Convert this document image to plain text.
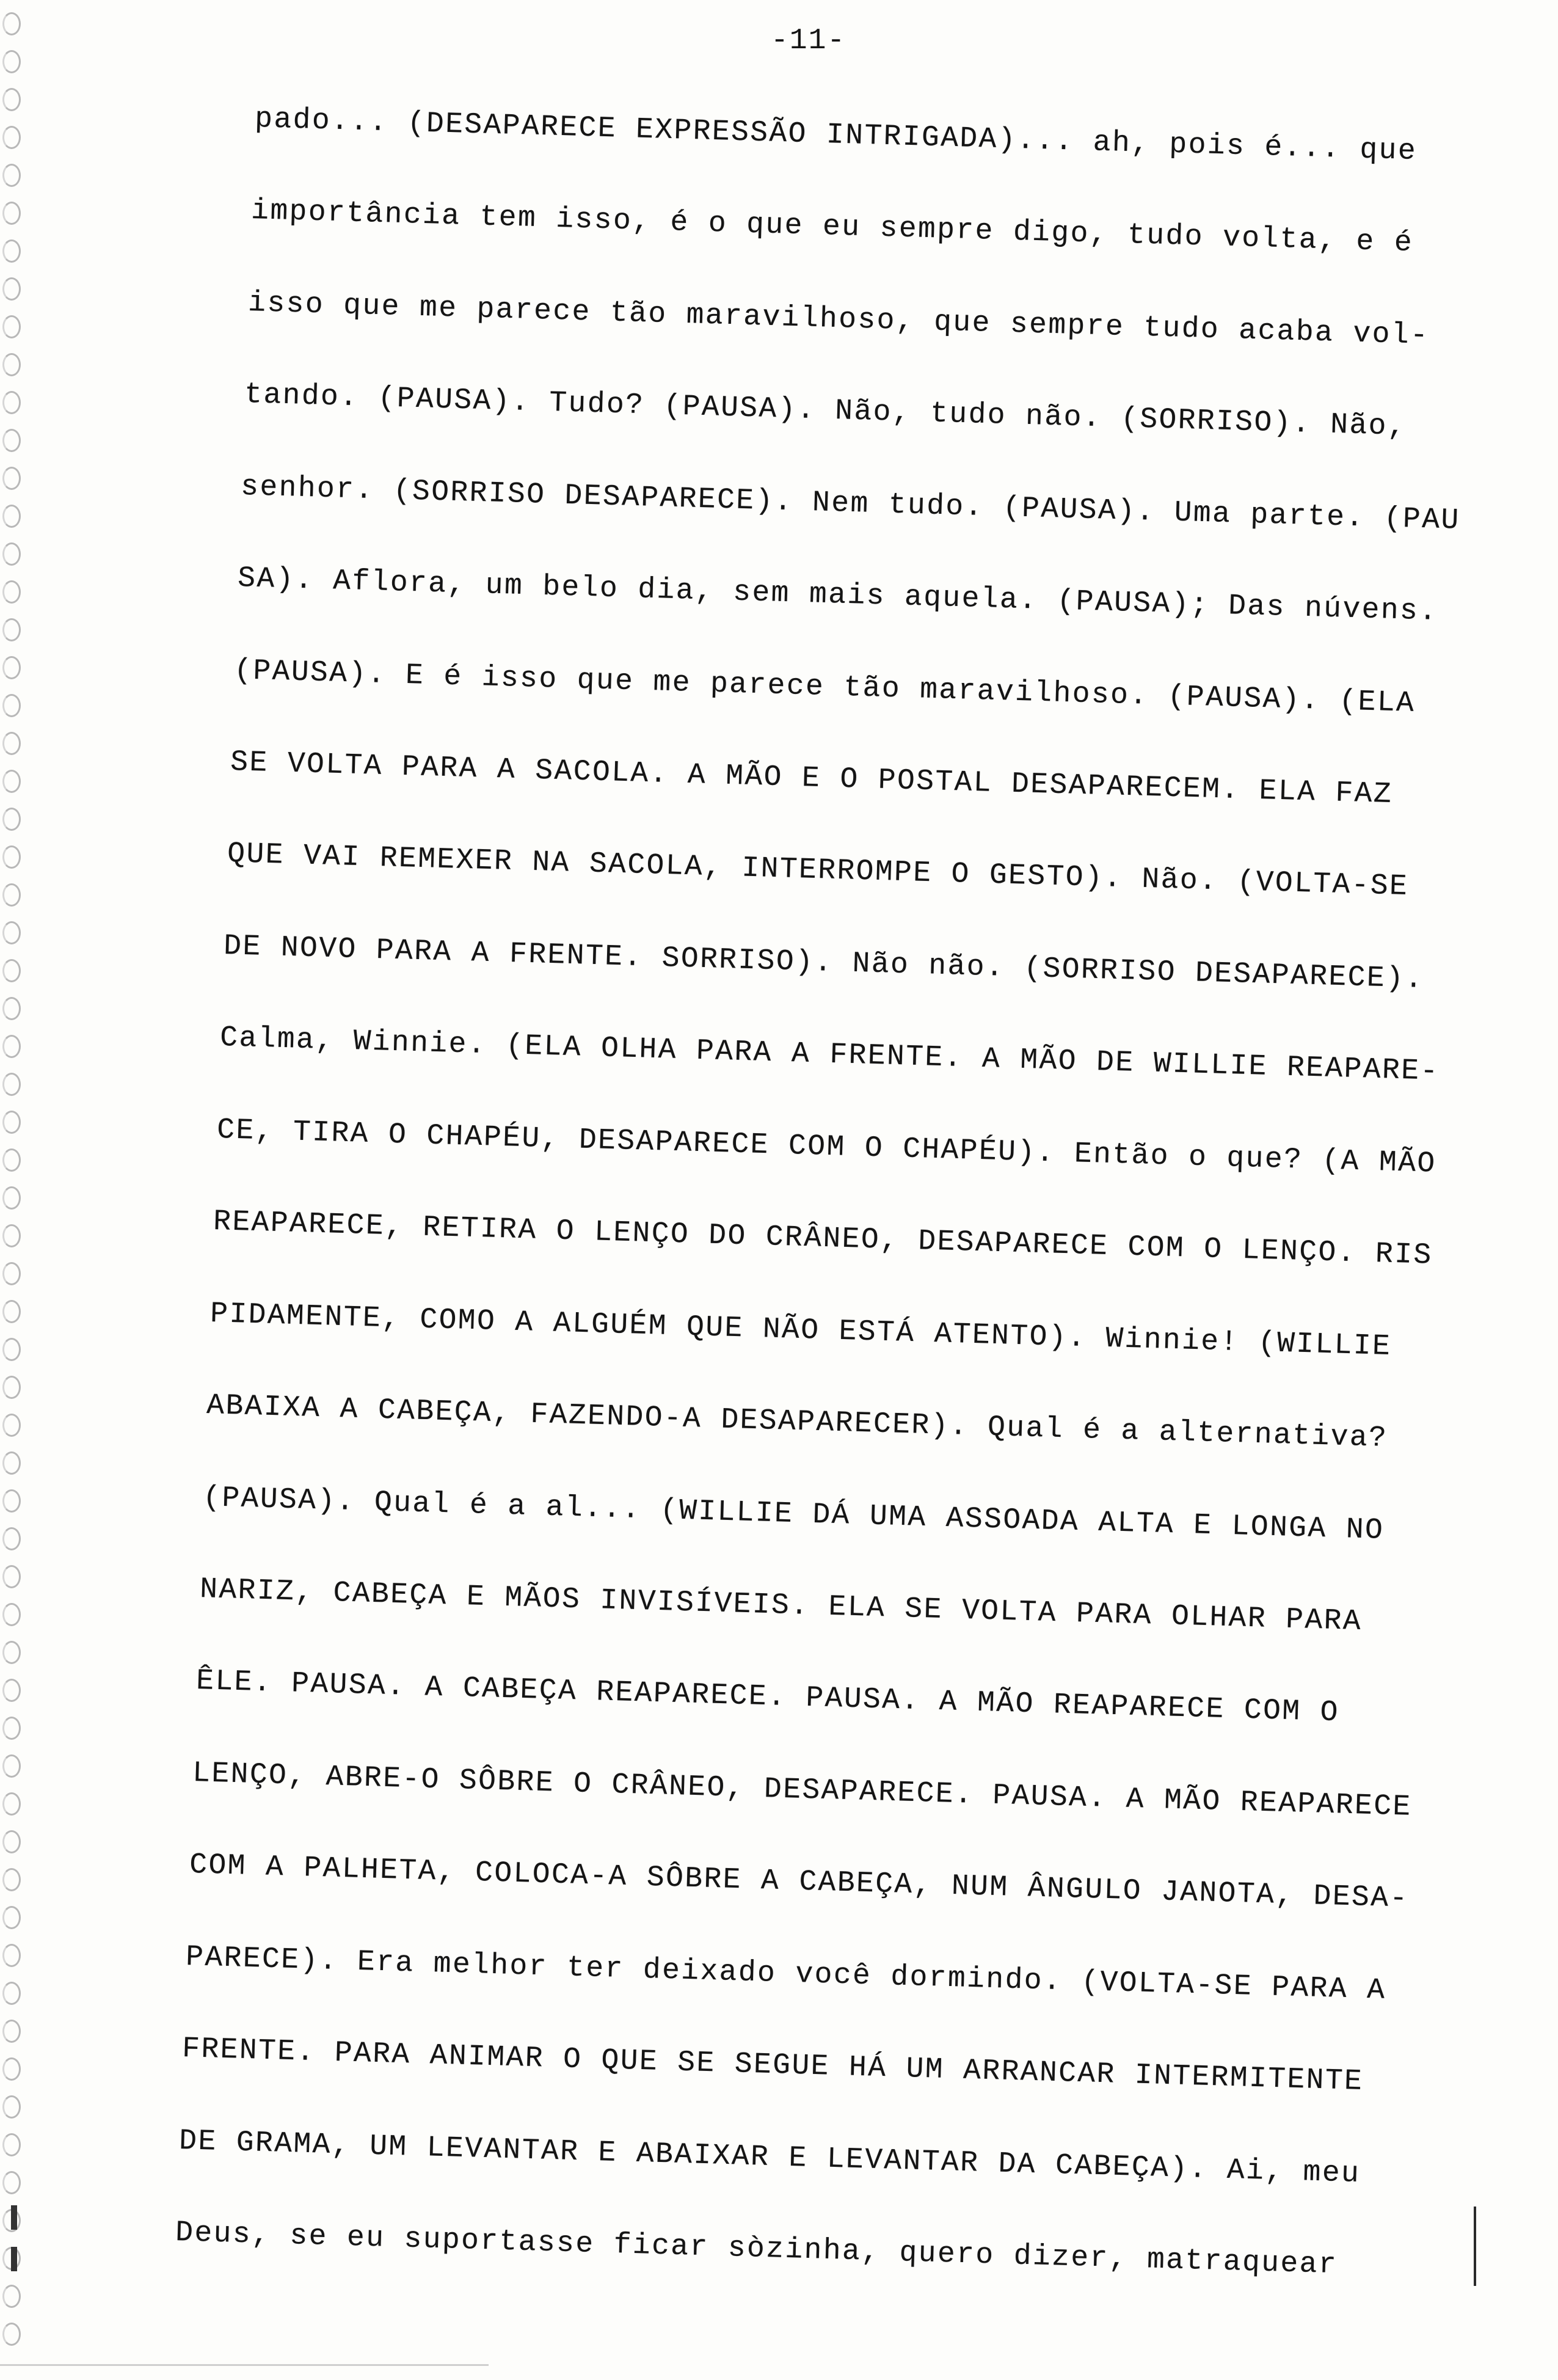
-11-
pado... (DESAPARECE EXPRESSÃO INTRIGADA)... ah, pois é... que
importância tem isso, é o que eu sempre digo, tudo volta, e é
isso que me parece tão maravilhoso, que sempre tudo acaba vol-
tando. (PAUSA). Tudo? (PAUSA). Não, tudo não. (SORRISO). Não,
senhor. (SORRISO DESAPARECE). Nem tudo. (PAUSA). Uma parte. (PAU
SA). Aflora, um belo dia, sem mais aquela. (PAUSA); Das núvens.
(PAUSA). E é isso que me parece tão maravilhoso. (PAUSA). (ELA
SE VOLTA PARA A SACOLA. A MÃO E O POSTAL DESAPARECEM. ELA FAZ
QUE VAI REMEXER NA SACOLA, INTERROMPE O GESTO). Não. (VOLTA-SE
DE NOVO PARA A FRENTE. SORRISO). Não não. (SORRISO DESAPARECE).
Calma, Winnie. (ELA OLHA PARA A FRENTE. A MÃO DE WILLIE REAPARE-
CE, TIRA O CHAPÉU, DESAPARECE COM O CHAPÉU). Então o que? (A MÃO
REAPARECE, RETIRA O LENÇO DO CRÂNEO, DESAPARECE COM O LENÇO. RIS
PIDAMENTE, COMO A ALGUÉM QUE NÃO ESTÁ ATENTO). Winnie! (WILLIE
ABAIXA A CABEÇA, FAZENDO-A DESAPARECER). Qual é a alternativa?
(PAUSA). Qual é a al... (WILLIE DÁ UMA ASSOADA ALTA E LONGA NO
NARIZ, CABEÇA E MÃOS INVISÍVEIS. ELA SE VOLTA PARA OLHAR PARA
ÊLE. PAUSA. A CABEÇA REAPARECE. PAUSA. A MÃO REAPARECE COM O
LENÇO, ABRE-O SÔBRE O CRÂNEO, DESAPARECE. PAUSA. A MÃO REAPARECE
COM A PALHETA, COLOCA-A SÔBRE A CABEÇA, NUM ÂNGULO JANOTA, DESA-
PARECE). Era melhor ter deixado você dormindo. (VOLTA-SE PARA A
FRENTE. PARA ANIMAR O QUE SE SEGUE HÁ UM ARRANCAR INTERMITENTE
DE GRAMA, UM LEVANTAR E ABAIXAR E LEVANTAR DA CABEÇA). Ai, meu
Deus, se eu suportasse ficar sòzinha, quero dizer, matraquear
